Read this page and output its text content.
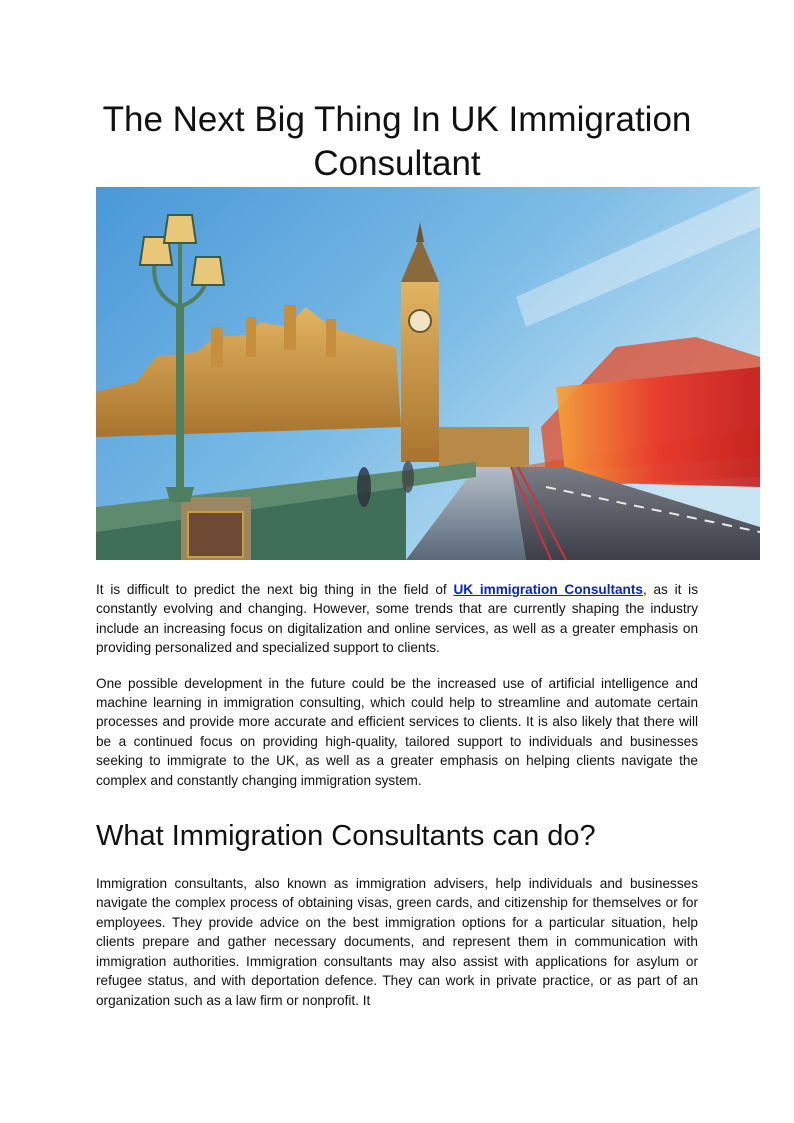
The Next Big Thing In UK Immigration Consultant

It is difficult to predict the next big thing in the field of UK immigration Consultants, as it is constantly evolving and changing. However, some trends that are currently shaping the industry include an increasing focus on digitalization and online services, as well as a greater emphasis on providing personalized and specialized support to clients.

One possible development in the future could be the increased use of artificial intelligence and machine learning in immigration consulting, which could help to streamline and automate certain processes and provide more accurate and efficient services to clients. It is also likely that there will be a continued focus on providing high-quality, tailored support to individuals and businesses seeking to immigrate to the UK, as well as a greater emphasis on helping clients navigate the complex and constantly changing immigration system.

What Immigration Consultants can do?

Immigration consultants, also known as immigration advisers, help individuals and businesses navigate the complex process of obtaining visas, green cards, and citizenship for themselves or for employees. They provide advice on the best immigration options for a particular situation, help clients prepare and gather necessary documents, and represent them in communication with immigration authorities. Immigration consultants may also assist with applications for asylum or refugee status, and with deportation defence. They can work in private practice, or as part of an organization such as a law firm or nonprofit. It
